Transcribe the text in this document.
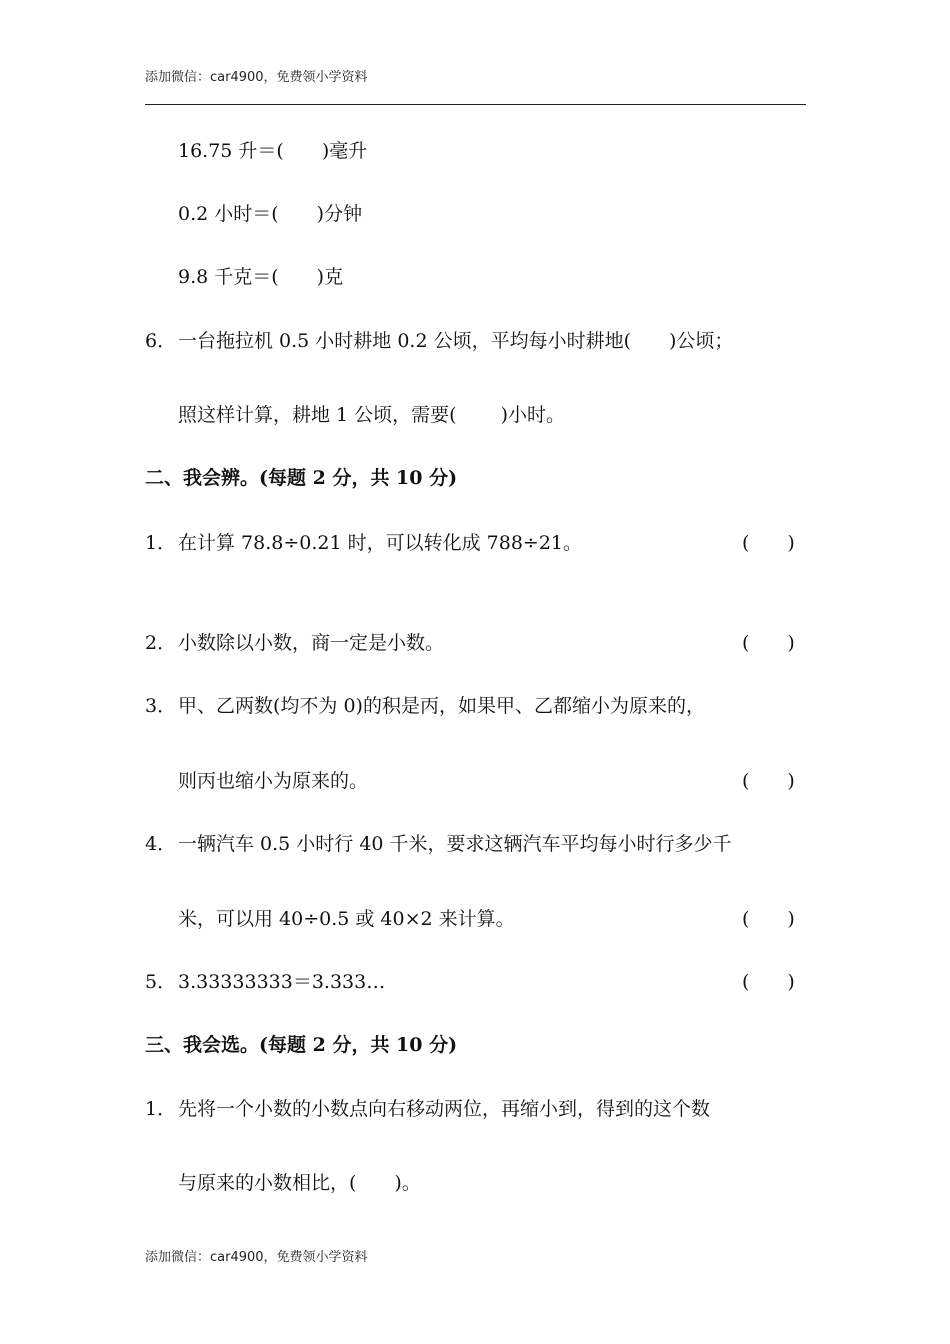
添加微信：car4900，免费领小学资料
16.75 升＝(　　)毫升
0.2 小时＝(　　)分钟
9.8 千克＝(　　)克
6． 一台拖拉机 0.5 小时耕地 0.2 公顷，平均每小时耕地(　　)公顷；
照这样计算，耕地 1 公顷，需要(　　 )小时。
二、我会辨。(每题 2 分，共 10 分)
1． 在计算 78.8÷0.21 时，可以转化成 788÷21。	(　　)
2． 小数除以小数，商一定是小数。	(　　)
3． 甲、乙两数(均不为 0)的积是丙，如果甲、乙都缩小为原来的，
则丙也缩小为原来的。	(　　)
4． 一辆汽车 0.5 小时行 40 千米，要求这辆汽车平均每小时行多少千
米，可以用 40÷0.5 或 40×2 来计算。	(　　)
5． 3.33333333＝3.333…	(　　)
三、我会选。(每题 2 分，共 10 分)
1． 先将一个小数的小数点向右移动两位，再缩小到，得到的这个数
与原来的小数相比，(　　)。
添加微信：car4900，免费领小学资料
